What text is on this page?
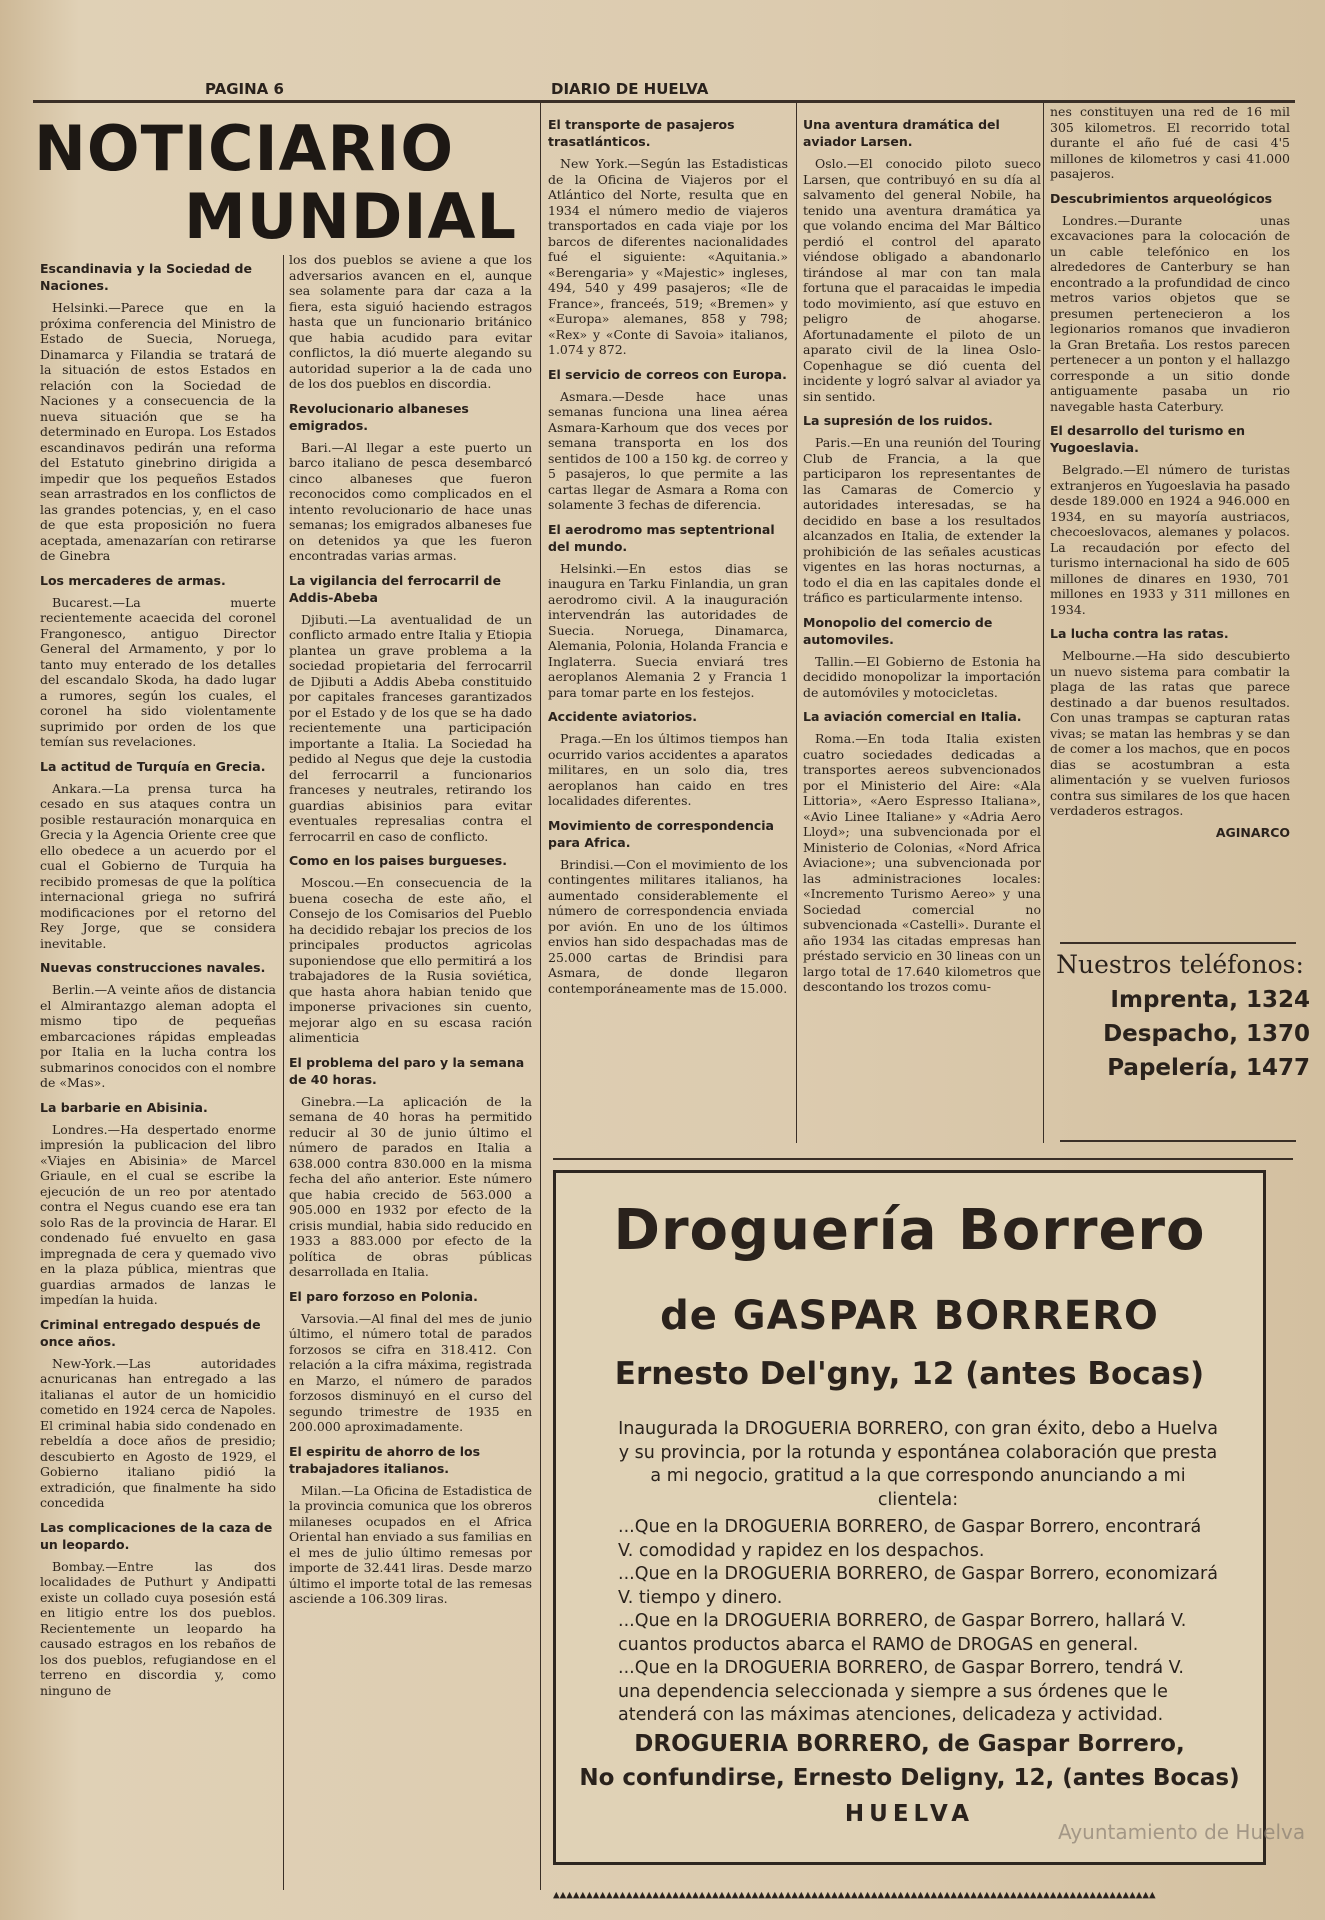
PAGINA 6	DIARIO DE HUELVA
NOTICIARIO
MUNDIAL
Escandinavia y la Sociedad de Naciones.

Helsinki.—Parece que en la próxima conferencia del Ministro de Estado de Suecia, Noruega, Dinamarca y Filandia se tratará de la situación de estos Estados en relación con la Sociedad de Naciones y a consecuencia de la nueva situación que se ha determinado en Europa. Los Estados escandinavos pedirán una reforma del Estatuto ginebrino dirigida a impedir que los pequeños Estados sean arrastrados en los conflictos de las grandes potencias, y, en el caso de que esta proposición no fuera aceptada, amenazarían con retirarse de Ginebra

Los mercaderes de armas.

Bucarest.—La muerte recientemente acaecida del coronel Frangonesco, antiguo Director General del Armamento, y por lo tanto muy enterado de los detalles del escandalo Skoda, ha dado lugar a rumores, según los cuales, el coronel ha sido violentamente suprimido por orden de los que temían sus revelaciones.

La actitud de Turquía en Grecia.

Ankara.—La prensa turca ha cesado en sus ataques contra un posible restauración monarquica en Grecia y la Agencia Oriente cree que ello obedece a un acuerdo por el cual el Gobierno de Turquia ha recibido promesas de que la política internacional griega no sufrirá modificaciones por el retorno del Rey Jorge, que se considera inevitable.

Nuevas construcciones navales.

Berlin.—A veinte años de distancia el Almirantazgo aleman adopta el mismo tipo de pequeñas embarcaciones rápidas empleadas por Italia en la lucha contra los submarinos conocidos con el nombre de «Mas».

La barbarie en Abisinia.

Londres.—Ha despertado enorme impresión la publicacion del libro «Viajes en Abisinia» de Marcel Griaule, en el cual se escribe la ejecución de un reo por atentado contra el Negus cuando ese era tan solo Ras de la provincia de Harar. El condenado fué envuelto en gasa impregnada de cera y quemado vivo en la plaza pública, mientras que guardias armados de lanzas le impedían la huida.

Criminal entregado después de once años.

New-York.—Las autoridades acnuricanas han entregado a las italianas el autor de un homicidio cometido en 1924 cerca de Napoles. El criminal habia sido condenado en rebeldía a doce años de presidio; descubierto en Agosto de 1929, el Gobierno italiano pidió la extradición, que finalmente ha sido concedida

Las complicaciones de la caza de un leopardo.

Bombay.—Entre las dos localidades de Puthurt y Andipatti existe un collado cuya posesión está en litigio entre los dos pueblos. Recientemente un leopardo ha causado estragos en los rebaños de los dos pueblos, refugiandose en el terreno en discordia y, como ninguno de

los dos pueblos se aviene a que los adversarios avancen en el, aunque sea solamente para dar caza a la fiera, esta siguió haciendo estragos hasta que un funcionario británico que habia acudido para evitar conflictos, la dió muerte alegando su autoridad superior a la de cada uno de los dos pueblos en discordia.

Revolucionario albaneses emigrados.

Bari.—Al llegar a este puerto un barco italiano de pesca desembarcó cinco albaneses que fueron reconocidos como complicados en el intento revolucionario de hace unas semanas; los emigrados albaneses fue on detenidos ya que les fueron encontradas varias armas.

La vigilancia del ferrocarril de Addis-Abeba

Djibuti.—La aventualidad de un conflicto armado entre Italia y Etiopia plantea un grave problema a la sociedad propietaria del ferrocarril de Djibuti a Addis Abeba constituido por capitales franceses garantizados por el Estado y de los que se ha dado recientemente una participación importante a Italia. La Sociedad ha pedido al Negus que deje la custodia del ferrocarril a funcionarios franceses y neutrales, retirando los guardias abisinios para evitar eventuales represalias contra el ferrocarril en caso de conflicto.

Como en los paises burgueses.

Moscou.—En consecuencia de la buena cosecha de este año, el Consejo de los Comisarios del Pueblo ha decidido rebajar los precios de los principales productos agricolas suponiendose que ello permitirá a los trabajadores de la Rusia soviética, que hasta ahora habian tenido que imponerse privaciones sin cuento, mejorar algo en su escasa ración alimenticia

El problema del paro y la semana de 40 horas.

Ginebra.—La aplicación de la semana de 40 horas ha permitido reducir al 30 de junio último el número de parados en Italia a 638.000 contra 830.000 en la misma fecha del año anterior. Este número que habia crecido de 563.000 a 905.000 en 1932 por efecto de la crisis mundial, habia sido reducido en 1933 a 883.000 por efecto de la política de obras públicas desarrollada en Italia.

El paro forzoso en Polonia.

Varsovia.—Al final del mes de junio último, el número total de parados forzosos se cifra en 318.412. Con relación a la cifra máxima, registrada en Marzo, el número de parados forzosos disminuyó en el curso del segundo trimestre de 1935 en 200.000 aproximadamente.

El espiritu de ahorro de los trabajadores italianos.

Milan.—La Oficina de Estadistica de la provincia comunica que los obreros milaneses ocupados en el Africa Oriental han enviado a sus familias en el mes de julio último remesas por importe de 32.441 liras. Desde marzo último el importe total de las remesas asciende a 106.309 liras.

El transporte de pasajeros trasatlánticos.

New York.—Según las Estadisticas de la Oficina de Viajeros por el Atlántico del Norte, resulta que en 1934 el número medio de viajeros transportados en cada viaje por los barcos de diferentes nacionalidades fué el siguiente: «Aquitania.» «Berengaria» y «Majestic» ingleses, 494, 540 y 499 pasajeros; «Ile de France», franceés, 519; «Bremen» y «Europa» alemanes, 858 y 798; «Rex» y «Conte di Savoia» italianos, 1.074 y 872.

El servicio de correos con Europa.

Asmara.—Desde hace unas semanas funciona una linea aérea Asmara-Karhoum que dos veces por semana transporta en los dos sentidos de 100 a 150 kg. de correo y 5 pasajeros, lo que permite a las cartas llegar de Asmara a Roma con solamente 3 fechas de diferencia.

El aerodromo mas septentrional del mundo.

Helsinki.—En estos dias se inaugura en Tarku Finlandia, un gran aerodromo civil. A la inauguración intervendrán las autoridades de Suecia. Noruega, Dinamarca, Alemania, Polonia, Holanda Francia e Inglaterra. Suecia enviará tres aeroplanos Alemania 2 y Francia 1 para tomar parte en los festejos.

Accidente aviatorios.

Praga.—En los últimos tiempos han ocurrido varios accidentes a aparatos militares, en un solo dia, tres aeroplanos han caido en tres localidades diferentes.

Movimiento de correspondencia para Africa.

Brindisi.—Con el movimiento de los contingentes militares italianos, ha aumentado considerablemente el número de correspondencia enviada por avión. En uno de los últimos envios han sido despachadas mas de 25.000 cartas de Brindisi para Asmara, de donde llegaron contemporáneamente mas de 15.000.

Una aventura dramática del aviador Larsen.

Oslo.—El conocido piloto sueco Larsen, que contribuyó en su día al salvamento del general Nobile, ha tenido una aventura dramática ya que volando encima del Mar Báltico perdió el control del aparato viéndose obligado a abandonarlo tirándose al mar con tan mala fortuna que el paracaidas le impedia todo movimiento, así que estuvo en peligro de ahogarse. Afortunadamente el piloto de un aparato civil de la linea Oslo-Copenhague se dió cuenta del incidente y logró salvar al aviador ya sin sentido.

La supresión de los ruidos.

Paris.—En una reunión del Touring Club de Francia, a la que participaron los representantes de las Camaras de Comercio y autoridades interesadas, se ha decidido en base a los resultados alcanzados en Italia, de extender la prohibición de las señales acusticas vigentes en las horas nocturnas, a todo el dia en las capitales donde el tráfico es particularmente intenso.

Monopolio del comercio de automoviles.

Tallin.—El Gobierno de Estonia ha decidido monopolizar la importación de automóviles y motocicletas.

La aviación comercial en Italia.

Roma.—En toda Italia existen cuatro sociedades dedicadas a transportes aereos subvencionados por el Ministerio del Aire: «Ala Littoria», «Aero Espresso Italiana», «Avio Linee Italiane» y «Adria Aero Lloyd»; una subvencionada por el Ministerio de Colonias, «Nord Africa Aviacione»; una subvencionada por las administraciones locales: «Incremento Turismo Aereo» y una Sociedad comercial no subvencionada «Castelli». Durante el año 1934 las citadas empresas han préstado servicio en 30 lineas con un largo total de 17.640 kilometros que descontando los trozos comu-

nes constituyen una red de 16 mil 305 kilometros. El recorrido total durante el año fué de casi 4'5 millones de kilometros y casi 41.000 pasajeros.

Descubrimientos arqueológicos

Londres.—Durante unas excavaciones para la colocación de un cable telefónico en los alrededores de Canterbury se han encontrado a la profundidad de cinco metros varios objetos que se presumen pertenecieron a los legionarios romanos que invadieron la Gran Bretaña. Los restos parecen pertenecer a un ponton y el hallazgo corresponde a un sitio donde antiguamente pasaba un rio navegable hasta Caterbury.

El desarrollo del turismo en Yugoeslavia.

Belgrado.—El número de turistas extranjeros en Yugoeslavia ha pasado desde 189.000 en 1924 a 946.000 en 1934, en su mayoría austriacos, checoeslovacos, alemanes y polacos. La recaudación por efecto del turismo internacional ha sido de 605 millones de dinares en 1930, 701 millones en 1933 y 311 millones en 1934.

La lucha contra las ratas.

Melbourne.—Ha sido descubierto un nuevo sistema para combatir la plaga de las ratas que parece destinado a dar buenos resultados. Con unas trampas se capturan ratas vivas; se matan las hembras y se dan de comer a los machos, que en pocos dias se acostumbran a esta alimentación y se vuelven furiosos contra sus similares de los que hacen verdaderos estragos.

AGINARCO
Nuestros teléfonos:
Imprenta, 1324
Despacho, 1370
Papelería, 1477
Droguería Borrero
de GASPAR BORRERO
Ernesto Del'gny, 12 (antes Bocas)
Inaugurada la DROGUERIA BORRERO, con gran éxito, debo a Huelva y su provincia, por la rotunda y espontánea colaboración que presta a mi negocio, gratitud a la que correspondo anunciando a mi clientela:
...Que en la DROGUERIA BORRERO, de Gaspar Borrero, encontrará V. comodidad y rapidez en los despachos.
...Que en la DROGUERIA BORRERO, de Gaspar Borrero, economizará V. tiempo y dinero.
...Que en la DROGUERIA BORRERO, de Gaspar Borrero, hallará V. cuantos productos abarca el RAMO de DROGAS en general.
...Que en la DROGUERIA BORRERO, de Gaspar Borrero, tendrá V. una dependencia seleccionada y siempre a sus órdenes que le atenderá con las máximas atenciones, delicadeza y actividad.
DROGUERIA BORRERO, de Gaspar Borrero,
No confundirse, Ernesto Deligny, 12, (antes Bocas)
HUELVA
▲▲▲▲▲▲▲▲▲▲▲▲▲▲▲▲▲▲▲▲▲▲▲▲▲▲▲▲▲▲▲▲▲▲▲▲▲▲▲▲▲▲▲▲▲▲▲▲▲▲▲▲▲▲▲▲▲▲▲▲▲▲▲▲▲▲▲▲▲▲▲▲▲▲▲▲▲▲▲▲▲▲▲▲▲▲▲▲▲▲▲
Ayuntamiento de Huelva
